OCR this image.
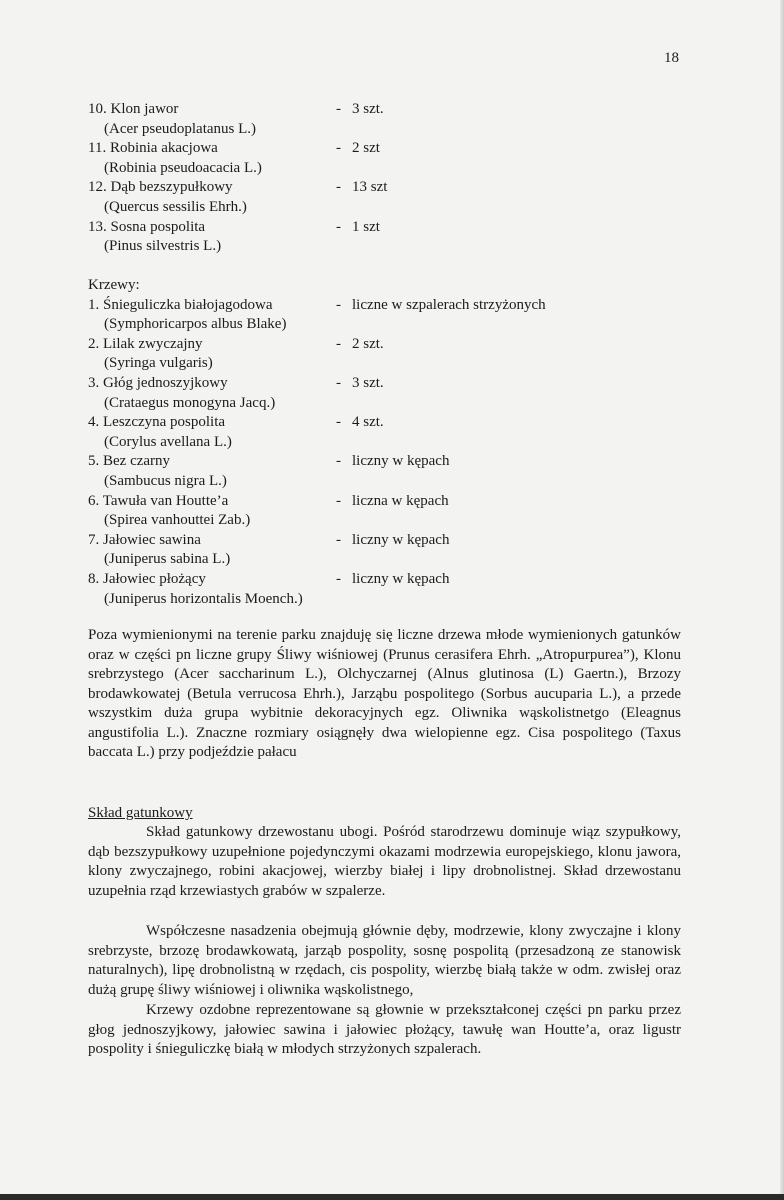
18
10. Klon jawor	- 3 szt.
(Acer pseudoplatanus L.)
11. Robinia akacjowa	- 2 szt
(Robinia pseudoacacia L.)
12. Dąb bezszypułkowy	- 13 szt
(Quercus sessilis Ehrh.)
13. Sosna pospolita	- 1 szt
(Pinus silvestris L.)
Krzewy:
1. Śnieguliczka białojagodowa	- liczne w szpalerach strzyżonych
(Symphoricarpos albus Blake)
2. Lilak zwyczajny	- 2 szt.
(Syringa vulgaris)
3. Głóg jednoszyjkowy	- 3 szt.
(Crataegus monogyna Jacq.)
4. Leszczyna pospolita	- 4 szt.
(Corylus avellana L.)
5. Bez czarny	- liczny w kępach
(Sambucus nigra L.)
6. Tawuła van Houtte’a	- liczna w kępach
(Spirea vanhouttei Zab.)
7. Jałowiec sawina	- liczny w kępach
(Juniperus sabina L.)
8. Jałowiec płożący	- liczny w kępach
(Juniperus horizontalis Moench.)

Poza wymienionymi na terenie parku znajduję się liczne drzewa młode wymienionych gatunków oraz w części pn liczne grupy Śliwy wiśniowej (Prunus cerasifera Ehrh. „Atropurpurea”), Klonu srebrzystego (Acer saccharinum L.), Olchyczarnej (Alnus glutinosa (L) Gaertn.), Brzozy brodawkowatej (Betula verrucosa Ehrh.), Jarząbu pospolitego (Sorbus aucuparia L.), a przede wszystkim duża grupa wybitnie dekoracyjnych egz. Oliwnika wąskolistnetgo (Eleagnus angustifolia L.). Znaczne rozmiary osiągnęły dwa wielopienne egz. Cisa pospolitego (Taxus baccata L.) przy podjeździe pałacu

Skład gatunkowy

Skład gatunkowy drzewostanu ubogi. Pośród starodrzewu dominuje wiąz szypułkowy, dąb bezszypułkowy uzupełnione pojedynczymi okazami modrzewia europejskiego, klonu jawora, klony zwyczajnego, robini akacjowej, wierzby białej i lipy drobnolistnej. Skład drzewostanu uzupełnia rząd krzewiastych grabów w szpalerze.

Współczesne nasadzenia obejmują głównie dęby, modrzewie, klony zwyczajne i klony srebrzyste, brzozę brodawkowatą, jarząb pospolity, sosnę pospolitą (przesadzoną ze stanowisk naturalnych), lipę drobnolistną w rzędach, cis pospolity, wierzbę białą także w odm. zwisłej oraz dużą grupę śliwy wiśniowej i oliwnika wąskolistnego,

Krzewy ozdobne reprezentowane są głownie w przekształconej części pn parku przez głog jednoszyjkowy, jałowiec sawina i jałowiec płożący, tawułę wan Houtte’a, oraz ligustr pospolity i śnieguliczkę białą w młodych strzyżonych szpalerach.
